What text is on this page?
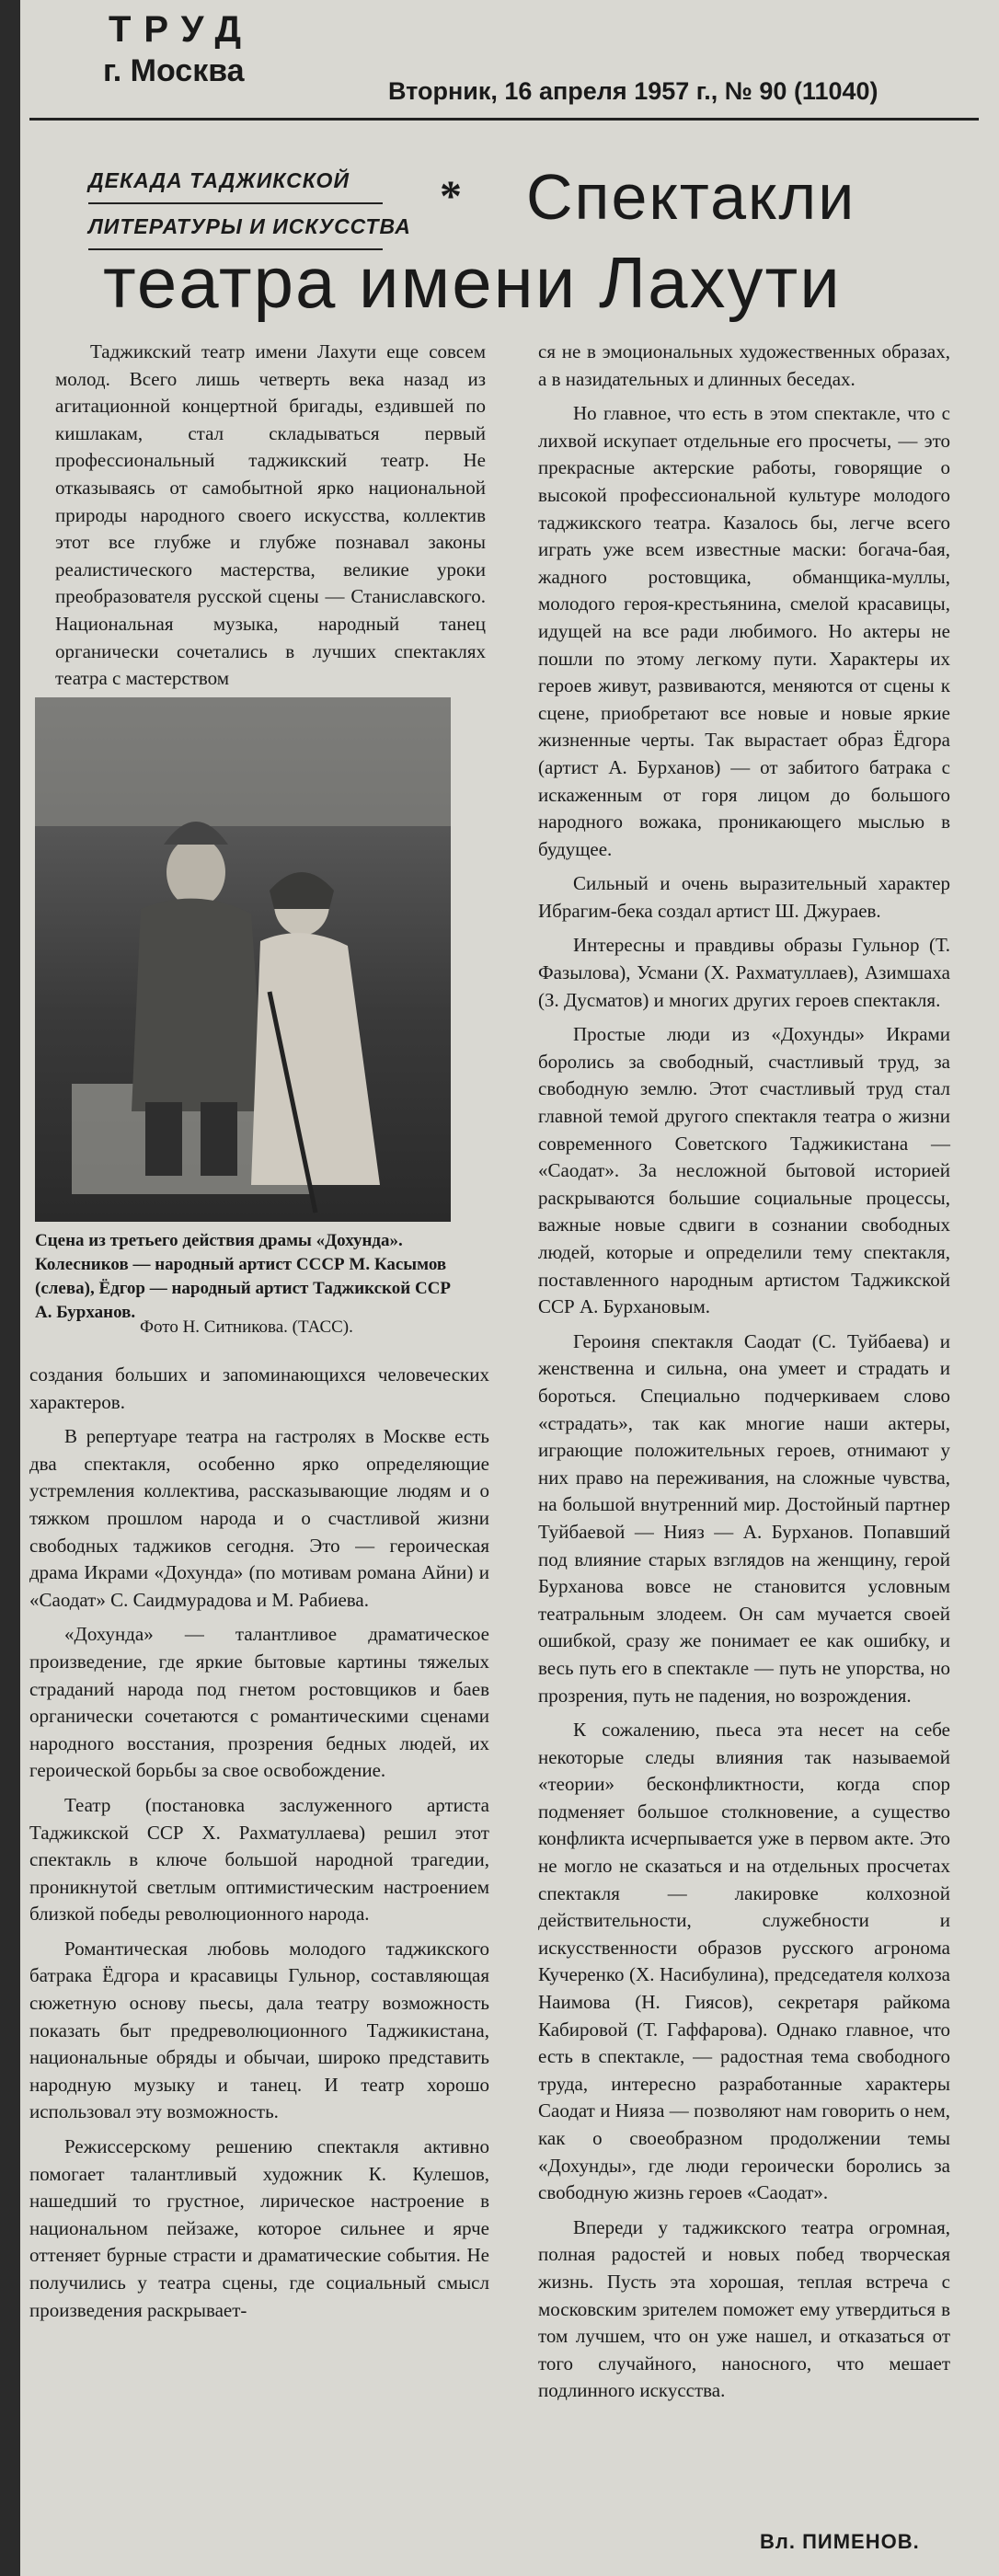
ТРУД
г. Москва
Вторник, 16 апреля 1957 г., № 90 (11040)
ДЕКАДА ТАДЖИКСКОЙ
ЛИТЕРАТУРЫ И ИСКУССТВА
* Спектакли
театра имени Лахути

Таджикский театр имени Лахути еще совсем молод. Всего лишь четверть века назад из агитационной концертной бригады, ездившей по кишлакам, стал складываться первый профессиональный таджикский театр. Не отказываясь от самобытной ярко национальной природы народного своего искусства, коллектив этот все глубже и глубже познавал законы реалистического мастерства, великие уроки преобразователя русской сцены — Станиславского. Национальная музыка, народный танец органически сочетались в лучших спектаклях театра с мастерством

Сцена из третьего действия драмы «Дохунда». Колесников — народный артист СССР М. Касымов (слева), Ёдгор — народный артист Таджикской ССР А. Бурханов.
Фото Н. Ситникова. (ТАСС).

создания больших и запоминающихся человеческих характеров.

В репертуаре театра на гастролях в Москве есть два спектакля, особенно ярко определяющие устремления коллектива, рассказывающие людям и о тяжком прошлом народа и о счастливой жизни свободных таджиков сегодня. Это — героическая драма Икрами «Дохунда» (по мотивам романа Айни) и «Саодат» С. Саидмурадова и М. Рабиева.

«Дохунда» — талантливое драматическое произведение, где яркие бытовые картины тяжелых страданий народа под гнетом ростовщиков и баев органически сочетаются с романтическими сценами народного восстания, прозрения бедных людей, их героической борьбы за свое освобождение.

Театр (постановка заслуженного артиста Таджикской ССР Х. Рахматуллаева) решил этот спектакль в ключе большой народной трагедии, проникнутой светлым оптимистическим настроением близкой победы революционного народа.

Романтическая любовь молодого таджикского батрака Ёдгора и красавицы Гульнор, составляющая сюжетную основу пьесы, дала театру возможность показать быт предреволюционного Таджикистана, национальные обряды и обычаи, широко представить народную музыку и танец. И театр хорошо использовал эту возможность.

Режиссерскому решению спектакля активно помогает талантливый художник К. Кулешов, нашедший то грустное, лирическое настроение в национальном пейзаже, которое сильнее и ярче оттеняет бурные страсти и драматические события. Не получились у театра сцены, где социальный смысл произведения раскрывает-

ся не в эмоциональных художественных образах, а в назидательных и длинных беседах.

Но главное, что есть в этом спектакле, что с лихвой искупает отдельные его просчеты, — это прекрасные актерские работы, говорящие о высокой профессиональной культуре молодого таджикского театра. Казалось бы, легче всего играть уже всем известные маски: богача-бая, жадного ростовщика, обманщика-муллы, молодого героя-крестьянина, смелой красавицы, идущей на все ради любимого. Но актеры не пошли по этому легкому пути. Характеры их героев живут, развиваются, меняются от сцены к сцене, приобретают все новые и новые яркие жизненные черты. Так вырастает образ Ёдгора (артист А. Бурханов) — от забитого батрака с искаженным от горя лицом до большого народного вожака, проникающего мыслью в будущее.

Сильный и очень выразительный характер Ибрагим-бека создал артист Ш. Джураев.

Интересны и правдивы образы Гульнор (Т. Фазылова), Усмани (Х. Рахматуллаев), Азимшаха (З. Дусматов) и многих других героев спектакля.

Простые люди из «Дохунды» Икрами боролись за свободный, счастливый труд, за свободную землю. Этот счастливый труд стал главной темой другого спектакля театра о жизни современного Советского Таджикистана — «Саодат». За несложной бытовой историей раскрываются большие социальные процессы, важные новые сдвиги в сознании свободных людей, которые и определили тему спектакля, поставленного народным артистом Таджикской ССР А. Бурхановым.

Героиня спектакля Саодат (С. Туйбаева) и женственна и сильна, она умеет и страдать и бороться. Специально подчеркиваем слово «страдать», так как многие наши актеры, играющие положительных героев, отнимают у них право на переживания, на сложные чувства, на большой внутренний мир. Достойный партнер Туйбаевой — Нияз — А. Бурханов. Попавший под влияние старых взглядов на женщину, герой Бурханова вовсе не становится условным театральным злодеем. Он сам мучается своей ошибкой, сразу же понимает ее как ошибку, и весь путь его в спектакле — путь не упорства, но прозрения, путь не падения, но возрождения.

К сожалению, пьеса эта несет на себе некоторые следы влияния так называемой «теории» бесконфликтности, когда спор подменяет большое столкновение, а существо конфликта исчерпывается уже в первом акте. Это не могло не сказаться и на отдельных просчетах спектакля — лакировке колхозной действительности, служебности и искусственности образов русского агронома Кучеренко (Х. Насибулина), председателя колхоза Наимова (Н. Гиясов), секретаря райкома Кабировой (Т. Гаффарова). Однако главное, что есть в спектакле, — радостная тема свободного труда, интересно разработанные характеры Саодат и Нияза — позволяют нам говорить о нем, как о своеобразном продолжении темы «Дохунды», где люди героически боролись за свободную жизнь героев «Саодат».

Впереди у таджикского театра огромная, полная радостей и новых побед творческая жизнь. Пусть эта хорошая, теплая встреча с московским зрителем поможет ему утвердиться в том лучшем, что он уже нашел, и отказаться от того случайного, наносного, что мешает подлинного искусства.

Вл. ПИМЕНОВ.
